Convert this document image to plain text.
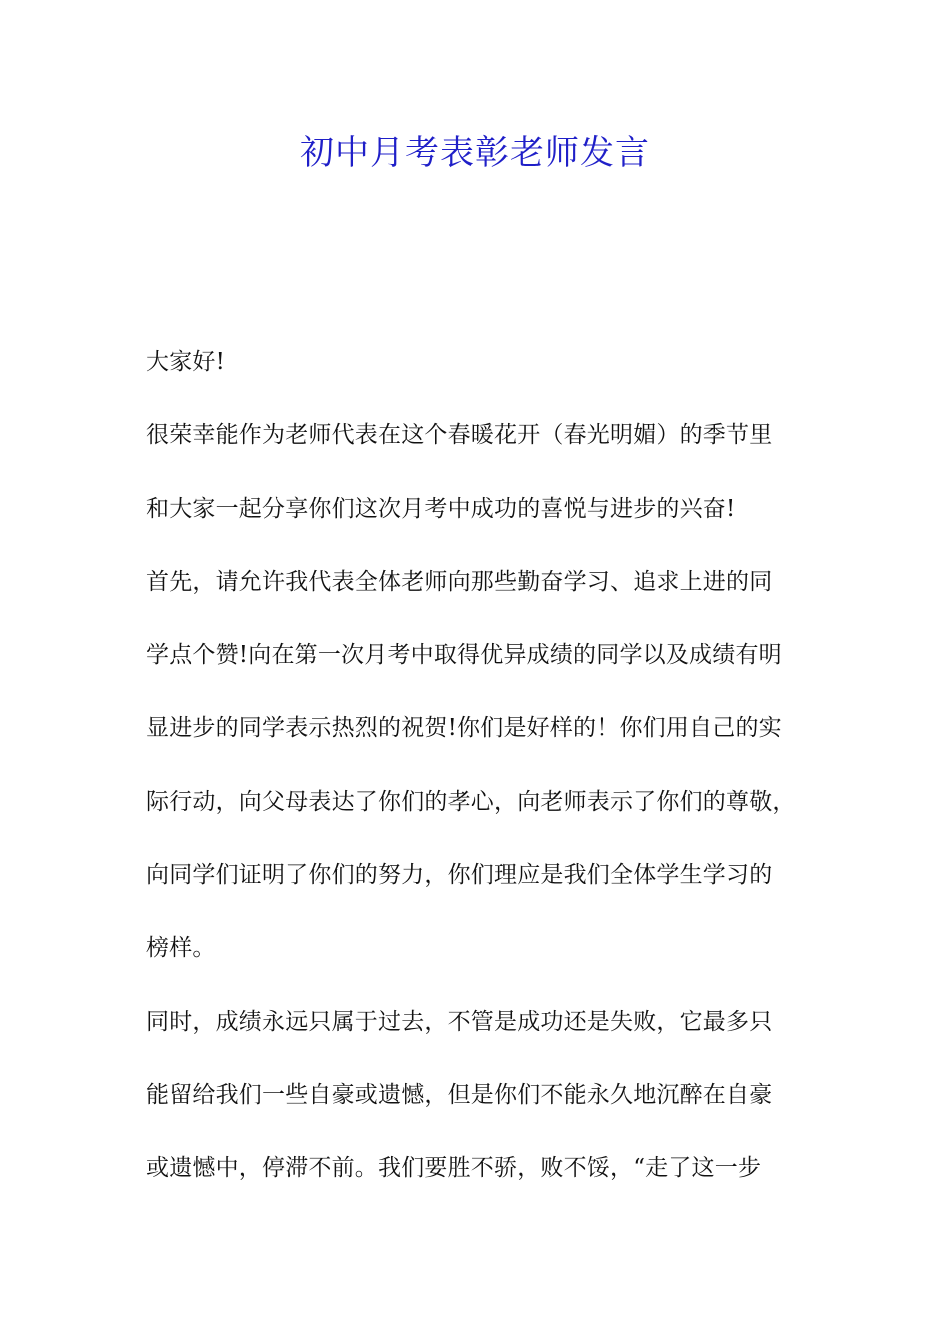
初中月考表彰老师发言
大家好!
很荣幸能作为老师代表在这个春暖花开（春光明媚）的季节里
和大家一起分享你们这次月考中成功的喜悦与进步的兴奋!
首先，请允许我代表全体老师向那些勤奋学习、追求上进的同
学点个赞!向在第一次月考中取得优异成绩的同学以及成绩有明
显进步的同学表示热烈的祝贺!你们是好样的！你们用自己的实
际行动，向父母表达了你们的孝心，向老师表示了你们的尊敬，
向同学们证明了你们的努力，你们理应是我们全体学生学习的
榜样。
同时，成绩永远只属于过去，不管是成功还是失败，它最多只
能留给我们一些自豪或遗憾，但是你们不能永久地沉醉在自豪
或遗憾中，停滞不前。我们要胜不骄，败不馁，“走了这一步
